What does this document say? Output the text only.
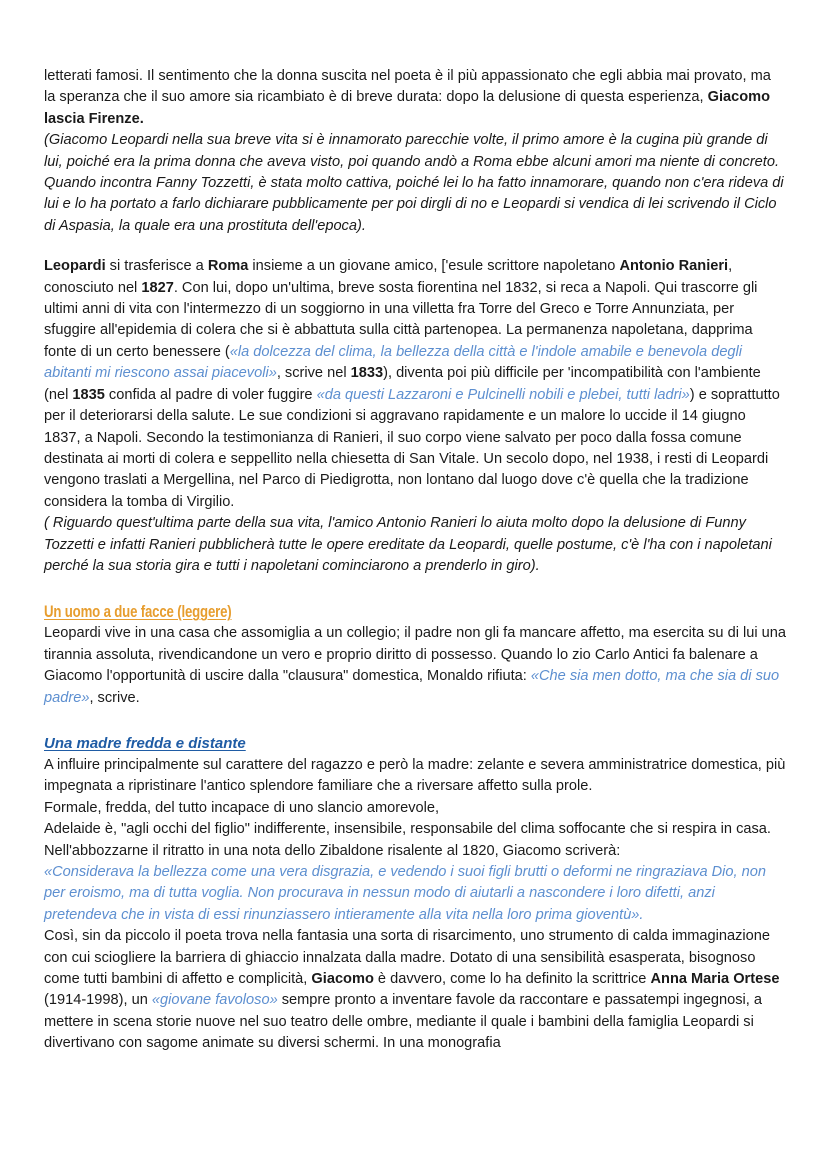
letterati famosi. Il sentimento che la donna suscita nel poeta è il più appassionato che egli abbia mai provato, ma la speranza che il suo amore sia ricambiato è di breve durata: dopo la delusione di questa esperienza, Giacomo lascia Firenze.

(Giacomo Leopardi nella sua breve vita si è innamorato parecchie volte, il primo amore è la cugina più grande di lui, poiché era la prima donna che aveva visto, poi quando andò a Roma ebbe alcuni amori ma niente di concreto. Quando incontra Fanny Tozzetti, è stata molto cattiva, poiché lei lo ha fatto innamorare, quando non c'era rideva di lui e lo ha portato a farlo dichiarare pubblicamente per poi dirgli di no e Leopardi si vendica di lei scrivendo il Ciclo di Aspasia, la quale era una prostituta dell'epoca).

Leopardi si trasferisce a Roma insieme a un giovane amico, ['esule scrittore napoletano Antonio Ranieri, conosciuto nel 1827. Con lui, dopo un'ultima, breve sosta fiorentina nel 1832, si reca a Napoli. Qui trascorre gli ultimi anni di vita con l'intermezzo di un soggiorno in una villetta fra Torre del Greco e Torre Annunziata, per sfuggire all'epidemia di colera che si è abbattuta sulla città partenopea. La permanenza napoletana, dapprima fonte di un certo benessere («la dolcezza del clima, la bellezza della città e l'indole amabile e benevola degli abitanti mi riescono assai piacevoli», scrive nel 1833), diventa poi più difficile per 'incompatibilità con l'ambiente (nel 1835 confida al padre di voler fuggire «da questi Lazzaroni e Pulcinelli nobili e plebei, tutti ladri») e soprattutto per il deteriorarsi della salute. Le sue condizioni si aggravano rapidamente e un malore lo uccide il 14 giugno 1837, a Napoli. Secondo la testimonianza di Ranieri, il suo corpo viene salvato per poco dalla fossa comune destinata ai morti di colera e seppellito nella chiesetta di San Vitale. Un secolo dopo, nel 1938, i resti di Leopardi vengono traslati a Mergellina, nel Parco di Piedigrotta, non lontano dal luogo dove c'è quella che la tradizione considera la tomba di Virgilio.

( Riguardo quest'ultima parte della sua vita, l'amico Antonio Ranieri lo aiuta molto dopo la delusione di Funny Tozzetti e infatti Ranieri pubblicherà tutte le opere ereditate da Leopardi, quelle postume, c'è l'ha con i napoletani perché la sua storia gira e tutti i napoletani cominciarono a prenderlo in giro).

Un uomo a due facce (leggere)

Leopardi vive in una casa che assomiglia a un collegio; il padre non gli fa mancare affetto, ma esercita su di lui una tirannia assoluta, rivendicandone un vero e proprio diritto di possesso. Quando lo zio Carlo Antici fa balenare a Giacomo l'opportunità di uscire dalla "clausura" domestica, Monaldo rifiuta: «Che sia men dotto, ma che sia di suo padre», scrive.

Una madre fredda e distante

A influire principalmente sul carattere del ragazzo e però la madre: zelante e severa amministratrice domestica, più impegnata a ripristinare l'antico splendore familiare che a riversare affetto sulla prole.

Formale, fredda, del tutto incapace di uno slancio amorevole,

Adelaide è, "agli occhi del figlio" indifferente, insensibile, responsabile del clima soffocante che si respira in casa. Nell'abbozzarne il ritratto in una nota dello Zibaldone risalente al 1820, Giacomo scriverà:

«Considerava la bellezza come una vera disgrazia, e vedendo i suoi figli brutti o deformi ne ringraziava Dio, non per eroismo, ma di tutta voglia. Non procurava in nessun modo di aiutarli a nascondere i loro difetti, anzi pretendeva che in vista di essi rinunziassero intieramente alla vita nella loro prima gioventù».

Così, sin da piccolo il poeta trova nella fantasia una sorta di risarcimento, uno strumento di calda immaginazione con cui sciogliere la barriera di ghiaccio innalzata dalla madre. Dotato di una sensibilità esasperata, bisognoso come tutti bambini di affetto e complicità, Giacomo è davvero, come lo ha definito la scrittrice Anna Maria Ortese (1914-1998), un «giovane favoloso» sempre pronto a inventare favole da raccontare e passatempi ingegnosi, a mettere in scena storie nuove nel suo teatro delle ombre, mediante il quale i bambini della famiglia Leopardi si divertivano con sagome animate su diversi schermi. In una monografia
